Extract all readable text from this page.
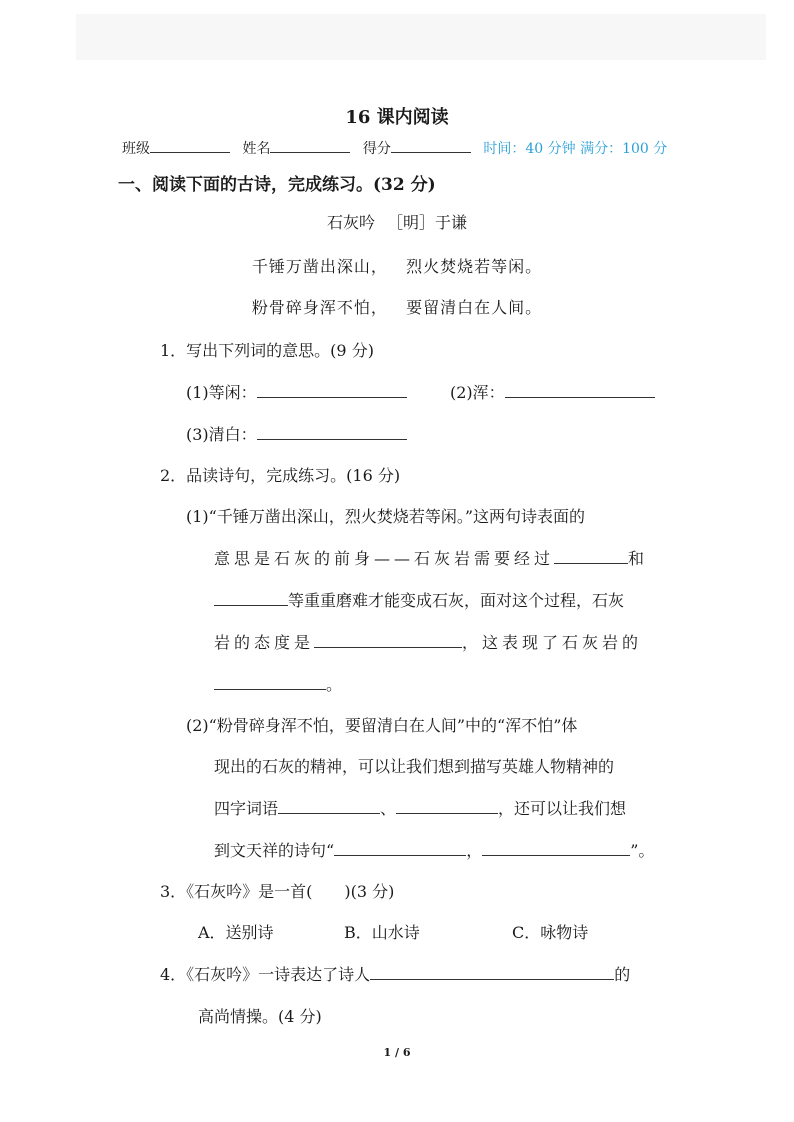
16 课内阅读
班级	姓名	得分	时间：40 分钟 满分：100 分
一、阅读下面的古诗，完成练习。(32 分)
石灰吟 ［明］于谦
千锤万凿出深山，   烈火焚烧若等闲。
粉骨碎身浑不怕，   要留清白在人间。
1．写出下列词的意思。(9 分)
(1)等闲：	(2)浑：
(3)清白：
2．品读诗句，完成练习。(16 分)
(1)“千锤万凿出深山，烈火焚烧若等闲。”这两句诗表面的
意思是石灰的前身——石灰岩需要经过	和
等重重磨难才能变成石灰，面对这个过程，石灰
岩的态度是	，这表现了石灰岩的
。
(2)“粉骨碎身浑不怕，要留清白在人间”中的“浑不怕”体
现出的石灰的精神，可以让我们想到描写英雄人物精神的
四字词语	、	，还可以让我们想
到文天祥的诗句“	，	”。
3．《石灰吟》是一首(　　)(3 分)
A．送别诗	B．山水诗	C．咏物诗
4．《石灰吟》一诗表达了诗人	的
高尚情操。(4 分)
1 / 6
